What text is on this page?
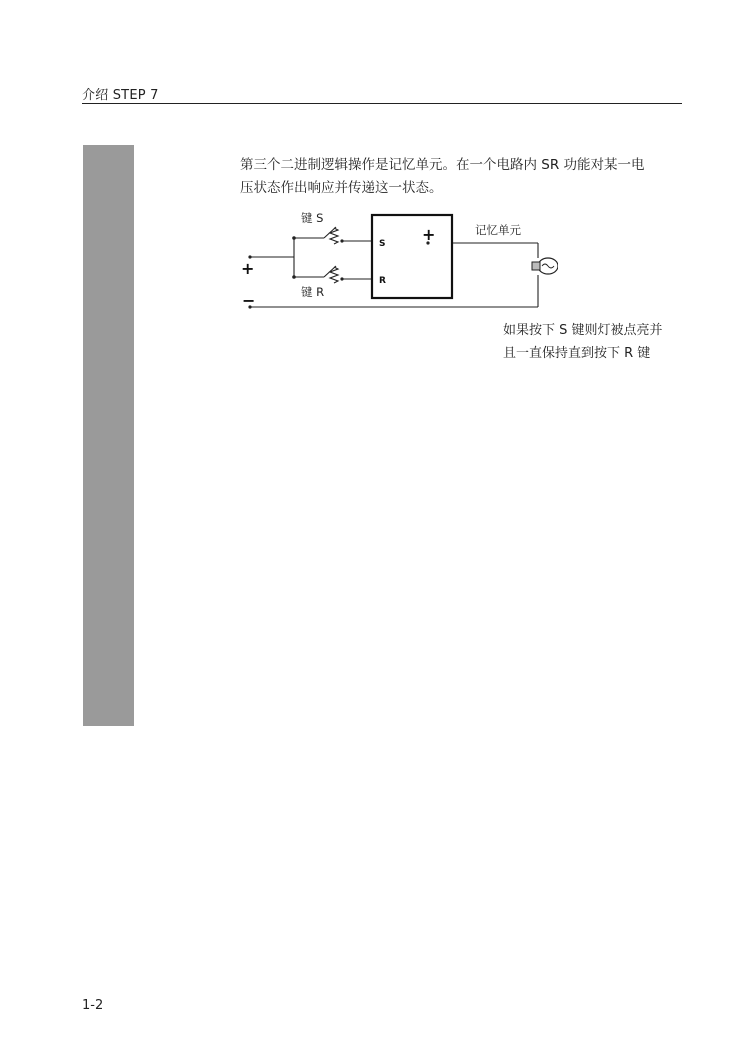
介绍 STEP 7

第三个二进制逻辑操作是记忆单元。在一个电路内 SR 功能对某一电

压状态作出响应并传递这一状态。

键 S
键 R
记忆单元
S
R
+
+
−

如果按下 S 键则灯被点亮并

且一直保持直到按下 R 键

1-2
